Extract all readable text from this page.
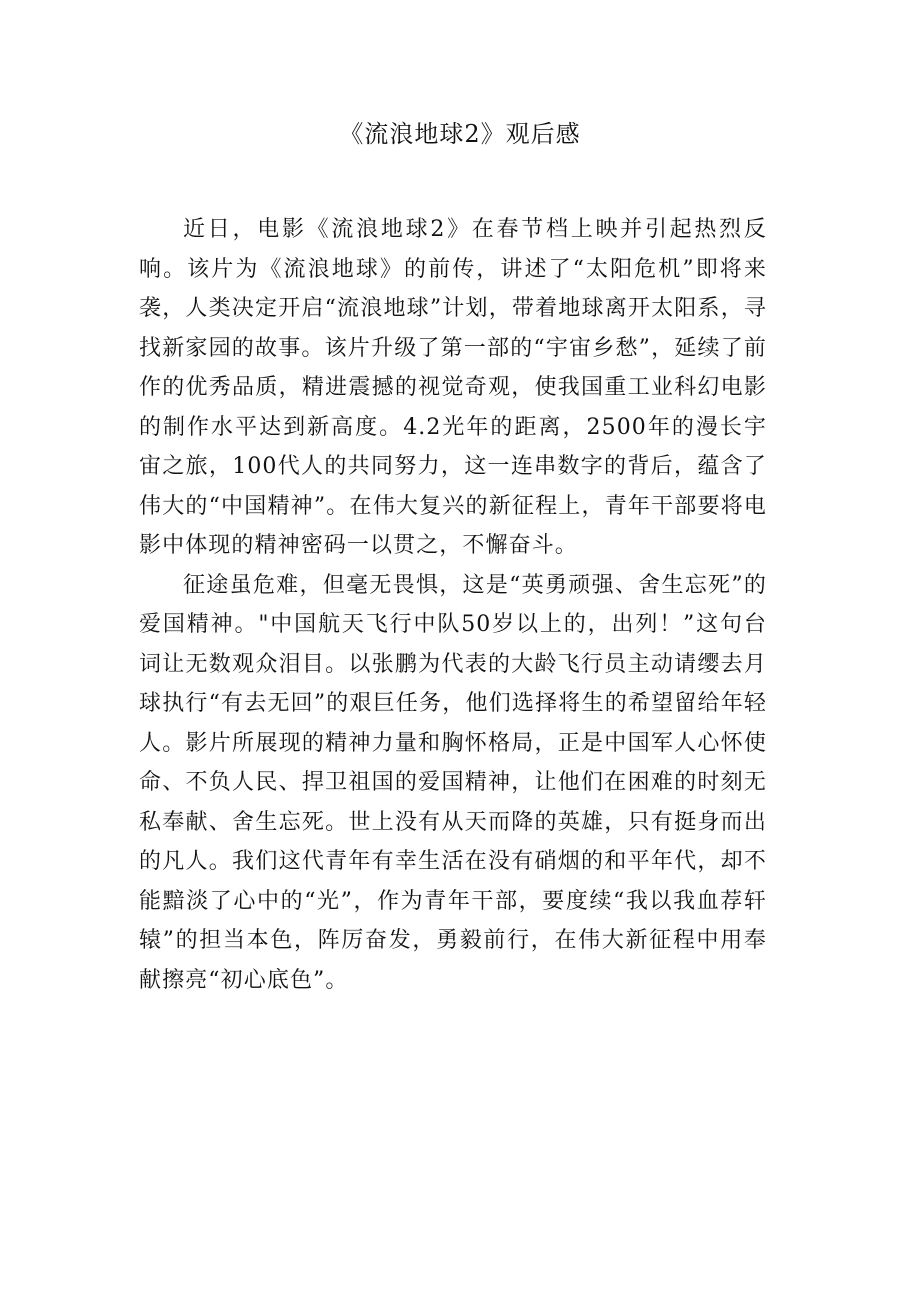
《流浪地球2》观后感

近日，电影《流浪地球2》在春节档上映并引起热烈反响。该片为《流浪地球》的前传，讲述了“太阳危机”即将来袭，人类决定开启“流浪地球”计划，带着地球离开太阳系，寻找新家园的故事。该片升级了第一部的“宇宙乡愁”，延续了前作的优秀品质，精进震撼的视觉奇观，使我国重工业科幻电影的制作水平达到新高度。4.2光年的距离，2500年的漫长宇宙之旅，100代人的共同努力，这一连串数字的背后，蕴含了伟大的“中国精神”。在伟大复兴的新征程上，青年干部要将电影中体现的精神密码一以贯之，不懈奋斗。

征途虽危难，但毫无畏惧，这是“英勇顽强、舍生忘死”的爱国精神。"中国航天飞行中队50岁以上的，出列！”这句台词让无数观众泪目。以张鹏为代表的大龄飞行员主动请缨去月球执行“有去无回”的艰巨任务，他们选择将生的希望留给年轻人。影片所展现的精神力量和胸怀格局，正是中国军人心怀使命、不负人民、捍卫祖国的爱国精神，让他们在困难的时刻无私奉献、舍生忘死。世上没有从天而降的英雄，只有挺身而出的凡人。我们这代青年有幸生活在没有硝烟的和平年代，却不能黯淡了心中的“光”，作为青年干部，要度续“我以我血荐轩辕”的担当本色，阵厉奋发，勇毅前行，在伟大新征程中用奉献擦亮“初心底色”。
